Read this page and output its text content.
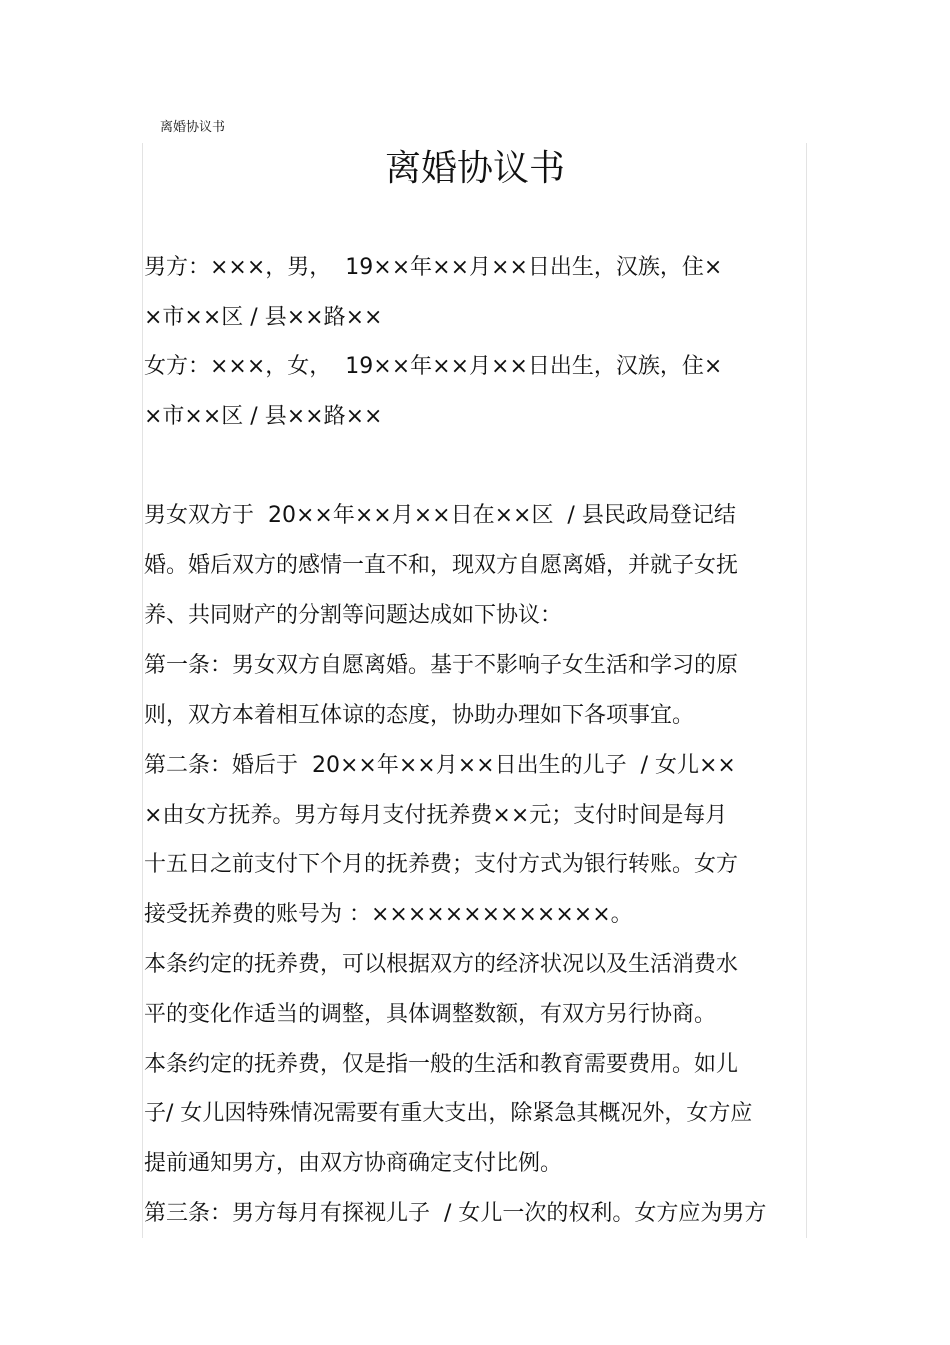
离婚协议书
离婚协议书
男方：×××，男，  19××年××月××日出生，汉族，住×
×市××区 / 县××路××
女方：×××，女，  19××年××月××日出生，汉族，住×
×市××区 / 县××路××
男女双方于  20××年××月××日在××区  / 县民政局登记结
婚。婚后双方的感情一直不和，现双方自愿离婚，并就子女抚
养、共同财产的分割等问题达成如下协议：
第一条：男女双方自愿离婚。基于不影响子女生活和学习的原
则，双方本着相互体谅的态度，协助办理如下各项事宜。
第二条：婚后于  20××年××月××日出生的儿子  / 女儿××
×由女方抚养。男方每月支付抚养费××元；支付时间是每月
十五日之前支付下个月的抚养费；支付方式为银行转账。女方
接受抚养费的账号为 ：×××××××××××××。
本条约定的抚养费，可以根据双方的经济状况以及生活消费水
平的变化作适当的调整，具体调整数额，有双方另行协商。
本条约定的抚养费，仅是指一般的生活和教育需要费用。如儿
子/ 女儿因特殊情况需要有重大支出，除紧急其概况外，女方应
提前通知男方，由双方协商确定支付比例。
第三条：男方每月有探视儿子  / 女儿一次的权利。女方应为男方
